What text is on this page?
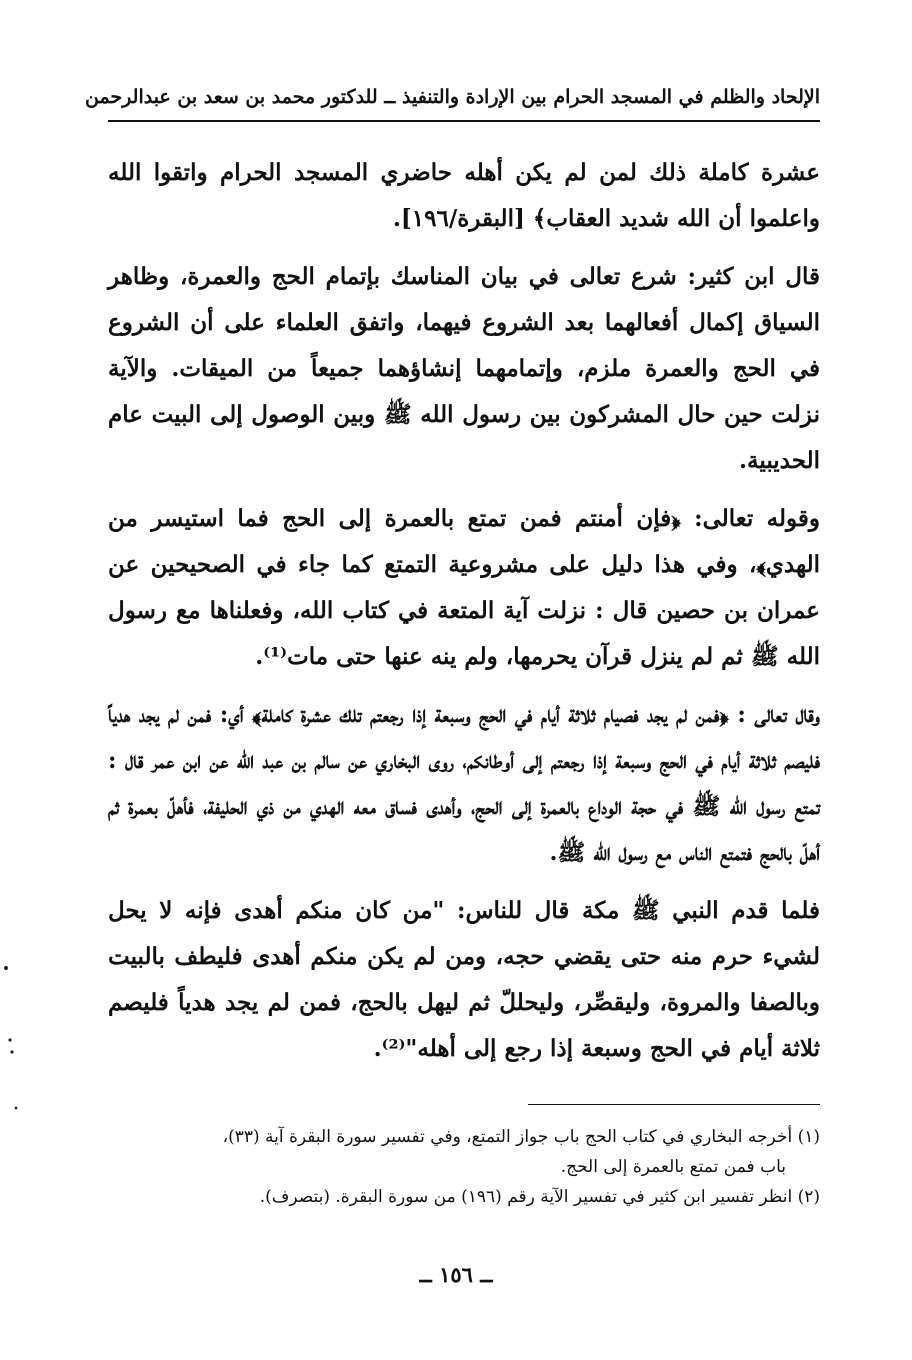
الإلحاد والظلم في المسجد الحرام بين الإرادة والتنفيذ ــ للدكتور محمد بن سعد بن عبدالرحمن

عشرة كاملة ذلك لمن لم يكن أهله حاضري المسجد الحرام واتقوا الله واعلموا أن الله شديد العقاب﴾ [البقرة/١٩٦].

قال ابن كثير: شرع تعالى في بيان المناسك بإتمام الحج والعمرة، وظاهر السياق إكمال أفعالهما بعد الشروع فيهما، واتفق العلماء على أن الشروع في الحج والعمرة ملزم، وإتمامهما إنشاؤهما جميعاً من الميقات. والآية نزلت حين حال المشركون بين رسول الله ﷺ وبين الوصول إلى البيت عام الحديبية.

وقوله تعالى: ﴿فإن أمنتم فمن تمتع بالعمرة إلى الحج فما استيسر من الهدي﴾، وفي هذا دليل على مشروعية التمتع كما جاء في الصحيحين عن عمران بن حصين قال : نزلت آية المتعة في كتاب الله، وفعلناها مع رسول الله ﷺ ثم لم ينزل قرآن يحرمها، ولم ينه عنها حتى مات⁽¹⁾.

وقال تعالى : ﴿فمن لم يجد فصيام ثلاثة أيام في الحج وسبعة إذا رجعتم تلك عشرة كاملة﴾ أي: فمن لم يجد هدياً فليصم ثلاثة أيام في الحج وسبعة إذا رجعتم إلى أوطانكم، روى البخاري عن سالم بن عبد الله عن ابن عمر قال : تمتع رسول الله ﷺ في حجة الوداع بالعمرة إلى الحج، وأهدى فساق معه الهدي من ذي الحليفة، فأهلّ بعمرة ثم أهلّ بالحج فتمتع الناس مع رسول الله ﷺ.

فلما قدم النبي ﷺ مكة قال للناس: "من كان منكم أهدى فإنه لا يحل لشيء حرم منه حتى يقضي حجه، ومن لم يكن منكم أهدى فليطف بالبيت وبالصفا والمروة، وليقصِّر، وليحللّ ثم ليهل بالحج، فمن لم يجد هدياً فليصم ثلاثة أيام في الحج وسبعة إذا رجع إلى أهله"⁽²⁾.

(١) أخرجه البخاري في كتاب الحج باب جواز التمتع، وفي تفسير سورة البقرة آية (٣٣)،

باب فمن تمتع بالعمرة إلى الحج.

(٢) انظر تفسير ابن كثير في تفسير الآية رقم (١٩٦) من سورة البقرة. (بتصرف).

ــ ١٥٦ ــ
